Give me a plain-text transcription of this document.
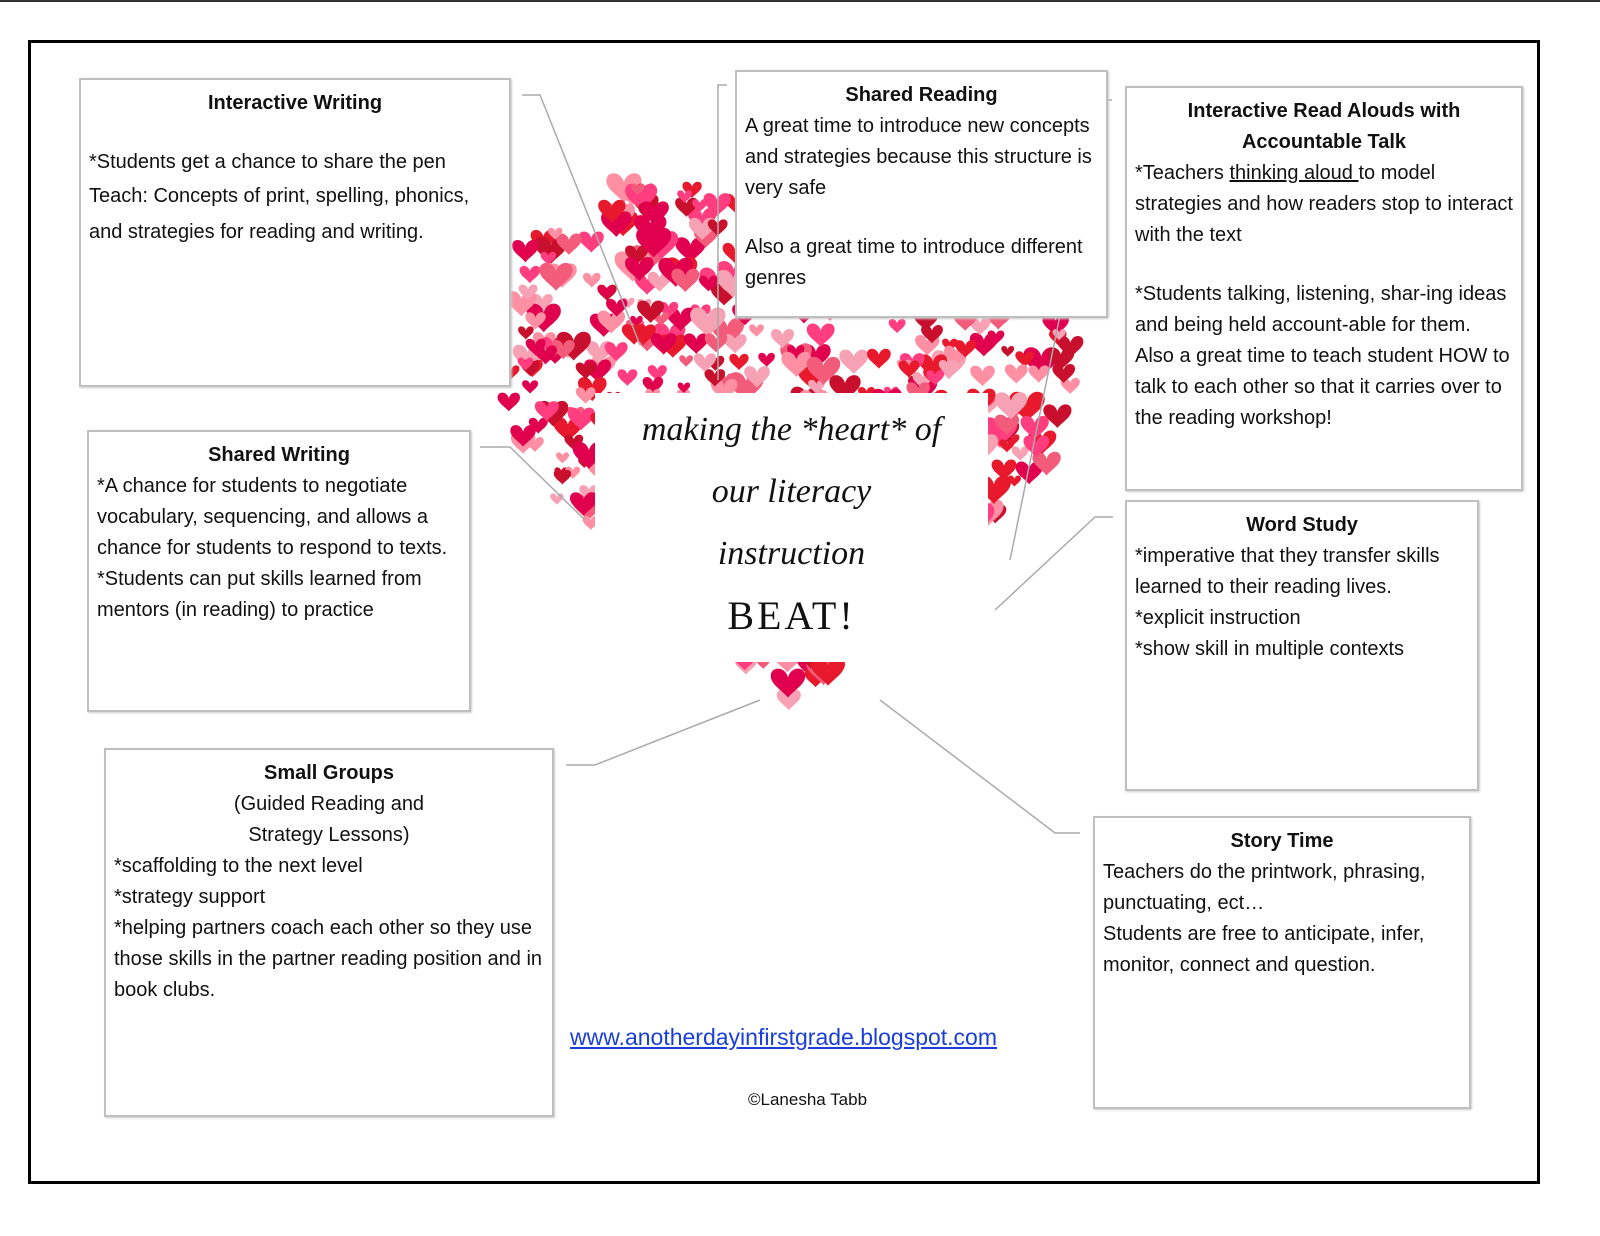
making the *heart* of
our literacy
instruction
BEAT!
Interactive Writing

*Students get a chance to share the pen

Teach: Concepts of print, spelling, phonics, and strategies for reading and writing.

Shared Reading

A great time to introduce new concepts and strategies because this structure is very safe

Also a great time to introduce different genres

Interactive Read Alouds with Accountable Talk

*Teachers thinking aloud to model strategies and how readers stop to interact with the text

*Students talking, listening, shar-ing ideas and being held account-able for them. Also a great time to teach student HOW to talk to each other so that it carries over to the reading workshop!

Shared Writing

*A chance for students to negotiate vocabulary, sequencing, and allows a chance for students to respond to texts.

*Students can put skills learned from mentors (in reading) to practice

Word Study

*imperative that they transfer skills learned to their reading lives.

*explicit instruction

*show skill in multiple contexts

Small Groups
(Guided Reading and
Strategy Lessons)

*scaffolding to the next level

*strategy support

*helping partners coach each other so they use those skills in the partner reading position and in book clubs.

Story Time

Teachers do the printwork, phrasing, punctuating, ect…

Students are free to anticipate, infer, monitor, connect and question.

www.anotherdayinfirstgrade.blogspot.com
©Lanesha Tabb
